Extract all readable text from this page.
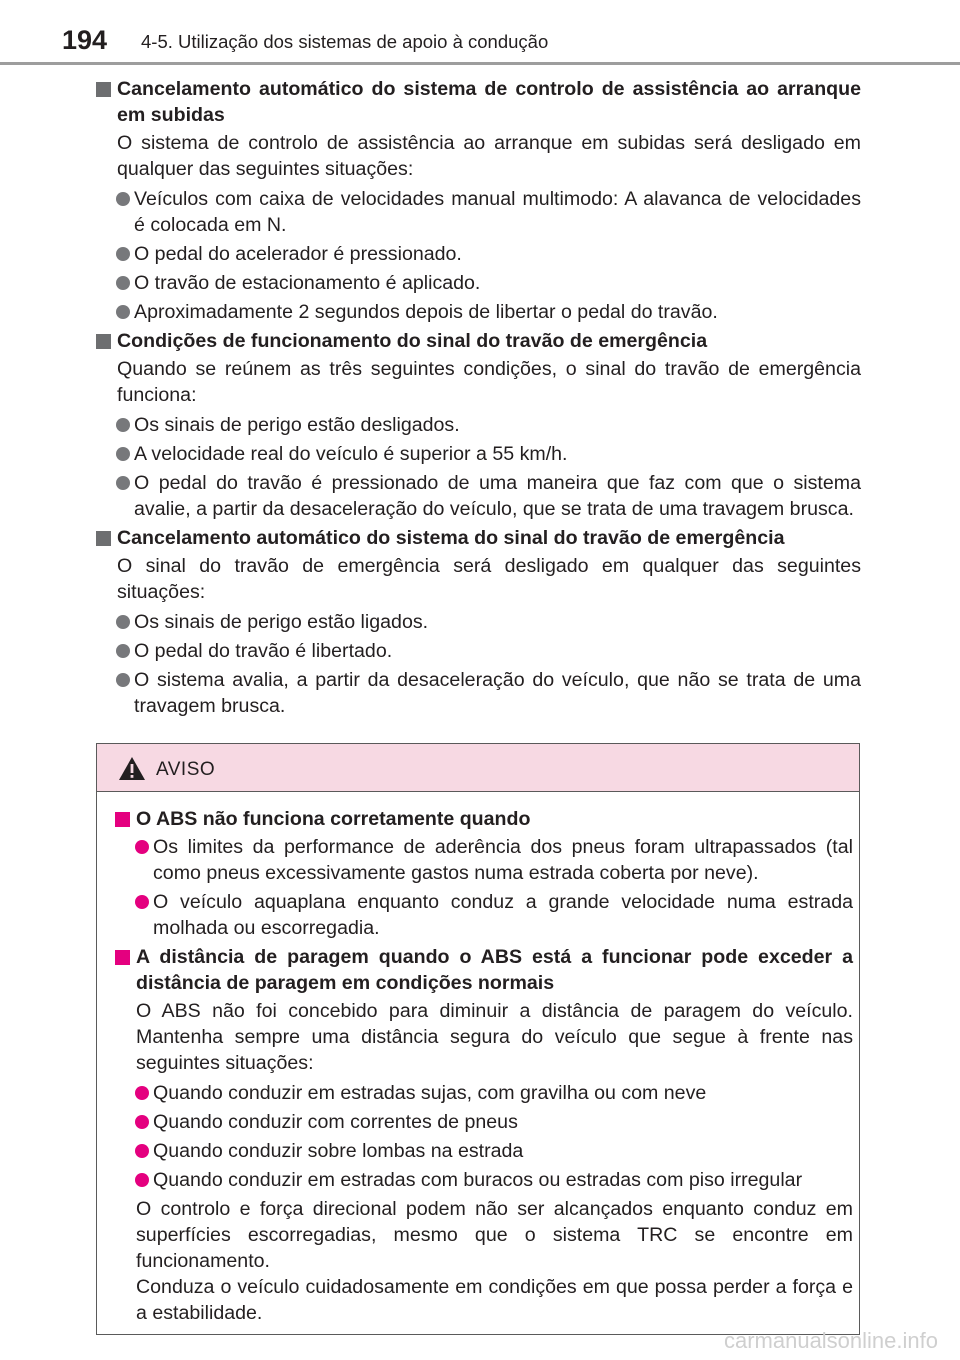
194 4-5. Utilização dos sistemas de apoio à condução
Cancelamento automático do sistema de controlo de assistência ao arranque em subidas
O sistema de controlo de assistência ao arranque em subidas será desligado em qualquer das seguintes situações:
Veículos com caixa de velocidades manual multimodo: A alavanca de velocidades é colocada em N.
O pedal do acelerador é pressionado.
O travão de estacionamento é aplicado.
Aproximadamente 2 segundos depois de libertar o pedal do travão.
Condições de funcionamento do sinal do travão de emergência
Quando se reúnem as três seguintes condições, o sinal do travão de emergência funciona:
Os sinais de perigo estão desligados.
A velocidade real do veículo é superior a 55 km/h.
O pedal do travão é pressionado de uma maneira que faz com que o sistema avalie, a partir da desaceleração do veículo, que se trata de uma travagem brusca.
Cancelamento automático do sistema do sinal do travão de emergência
O sinal do travão de emergência será desligado em qualquer das seguintes situações:
Os sinais de perigo estão ligados.
O pedal do travão é libertado.
O sistema avalia, a partir da desaceleração do veículo, que não se trata de uma travagem brusca.
AVISO
O ABS não funciona corretamente quando
Os limites da performance de aderência dos pneus foram ultrapassados (tal como pneus excessivamente gastos numa estrada coberta por neve).
O veículo aquaplana enquanto conduz a grande velocidade numa estrada molhada ou escorregadia.
A distância de paragem quando o ABS está a funcionar pode exceder a distância de paragem em condições normais
O ABS não foi concebido para diminuir a distância de paragem do veículo. Mantenha sempre uma distância segura do veículo que segue à frente nas seguintes situações:
Quando conduzir em estradas sujas, com gravilha ou com neve
Quando conduzir com correntes de pneus
Quando conduzir sobre lombas na estrada
Quando conduzir em estradas com buracos ou estradas com piso irregular
O controlo e força direcional podem não ser alcançados enquanto conduz em superfícies escorregadias, mesmo que o sistema TRC se encontre em funcionamento.
Conduza o veículo cuidadosamente em condições em que possa perder a força e a estabilidade.
carmanualsonline.info
